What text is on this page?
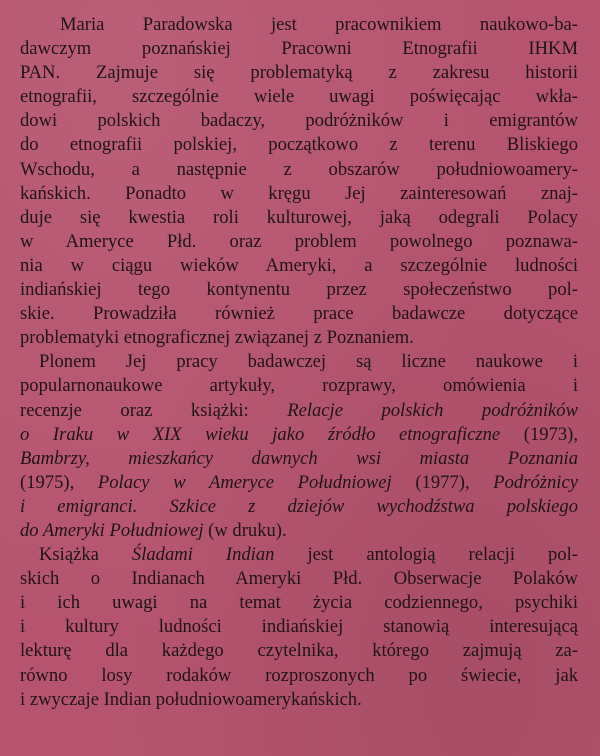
Maria Paradowska jest pracownikiem naukowo-ba-
dawczym poznańskiej Pracowni Etnografii IHKM
PAN. Zajmuje się problematyką z zakresu historii
etnografii, szczególnie wiele uwagi poświęcając wkła-
dowi polskich badaczy, podróżników i emigrantów
do etnografii polskiej, początkowo z terenu Bliskiego
Wschodu, a następnie z obszarów południowoamery-
kańskich. Ponadto w kręgu Jej zainteresowań znaj-
duje się kwestia roli kulturowej, jaką odegrali Polacy
w Ameryce Płd. oraz problem powolnego poznawa-
nia w ciągu wieków Ameryki, a szczególnie ludności
indiańskiej tego kontynentu przez społeczeństwo pol-
skie. Prowadziła również prace badawcze dotyczące
problematyki etnograficznej związanej z Poznaniem.
Plonem Jej pracy badawczej są liczne naukowe i
popularnonaukowe artykuły, rozprawy, omówienia i
recenzje oraz książki: Relacje polskich podróżników
o Iraku w XIX wieku jako źródło etnograficzne (1973),
Bambrzy, mieszkańcy dawnych wsi miasta Poznania
(1975), Polacy w Ameryce Południowej (1977), Podróżnicy
i emigranci. Szkice z dziejów wychodźstwa polskiego
do Ameryki Południowej (w druku).
Książka Śladami Indian jest antologią relacji pol-
skich o Indianach Ameryki Płd. Obserwacje Polaków
i ich uwagi na temat życia codziennego, psychiki
i kultury ludności indiańskiej stanowią interesującą
lekturę dla każdego czytelnika, którego zajmują za-
równo losy rodaków rozproszonych po świecie, jak
i zwyczaje Indian południowoamerykańskich.
